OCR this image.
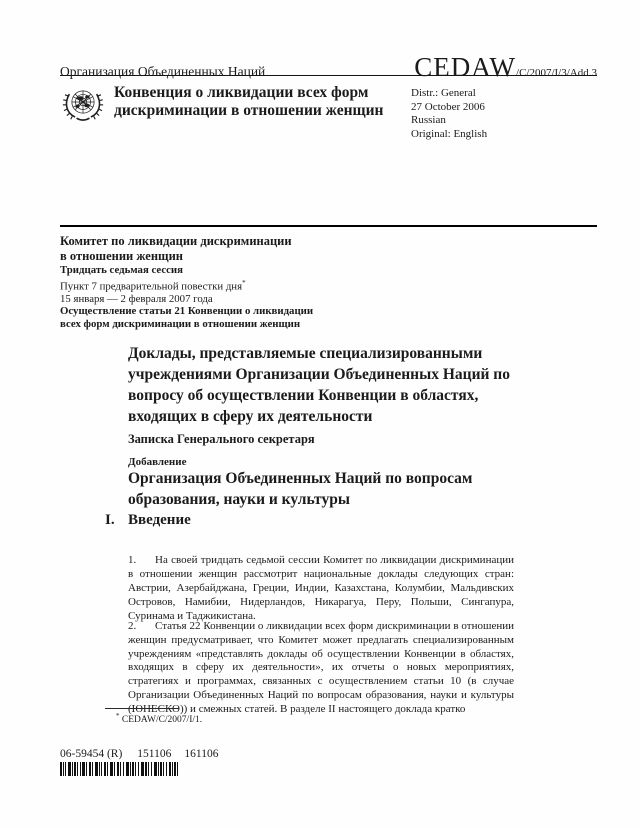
Организация Объединенных Наций	CEDAW/C/2007/I/3/Add.3
Конвенция о ликвидации всех форм дискриминации в отношении женщин
Distr.: General
27 October 2006
Russian
Original: English
Комитет по ликвидации дискриминации
в отношении женщин
Тридцать седьмая сессия
Пункт 7 предварительной повестки дня*
15 января — 2 февраля 2007 года
Осуществление статьи 21 Конвенции о ликвидации
всех форм дискриминации в отношении женщин
Доклады, представляемые специализированными учреждениями Организации Объединенных Наций по вопросу об осуществлении Конвенции в областях, входящих в сферу их деятельности
Записка Генерального секретаря
Добавление
Организация Объединенных Наций по вопросам образования, науки и культуры
I. Введение

1. На своей тридцать седьмой сессии Комитет по ликвидации дискриминации в отношении женщин рассмотрит национальные доклады следующих стран: Австрии, Азербайджана, Греции, Индии, Казахстана, Колумбии, Мальдивских Островов, Намибии, Нидерландов, Никарагуа, Перу, Польши, Сингапура, Суринама и Таджикистана.

2. Статья 22 Конвенции о ликвидации всех форм дискриминации в отношении женщин предусматривает, что Комитет может предлагать специализированным учреждениям «представлять доклады об осуществлении Конвенции в областях, входящих в сферу их деятельности», их отчеты о новых мероприятиях, стратегиях и программах, связанных с осуществлением статьи 10 (в случае Организации Объединенных Наций по вопросам образования, науки и культуры (ЮНЕСКО)) и смежных статей. В разделе II настоящего доклада кратко

* CEDAW/C/2007/I/1.
06-59454 (R) 151106 161106
